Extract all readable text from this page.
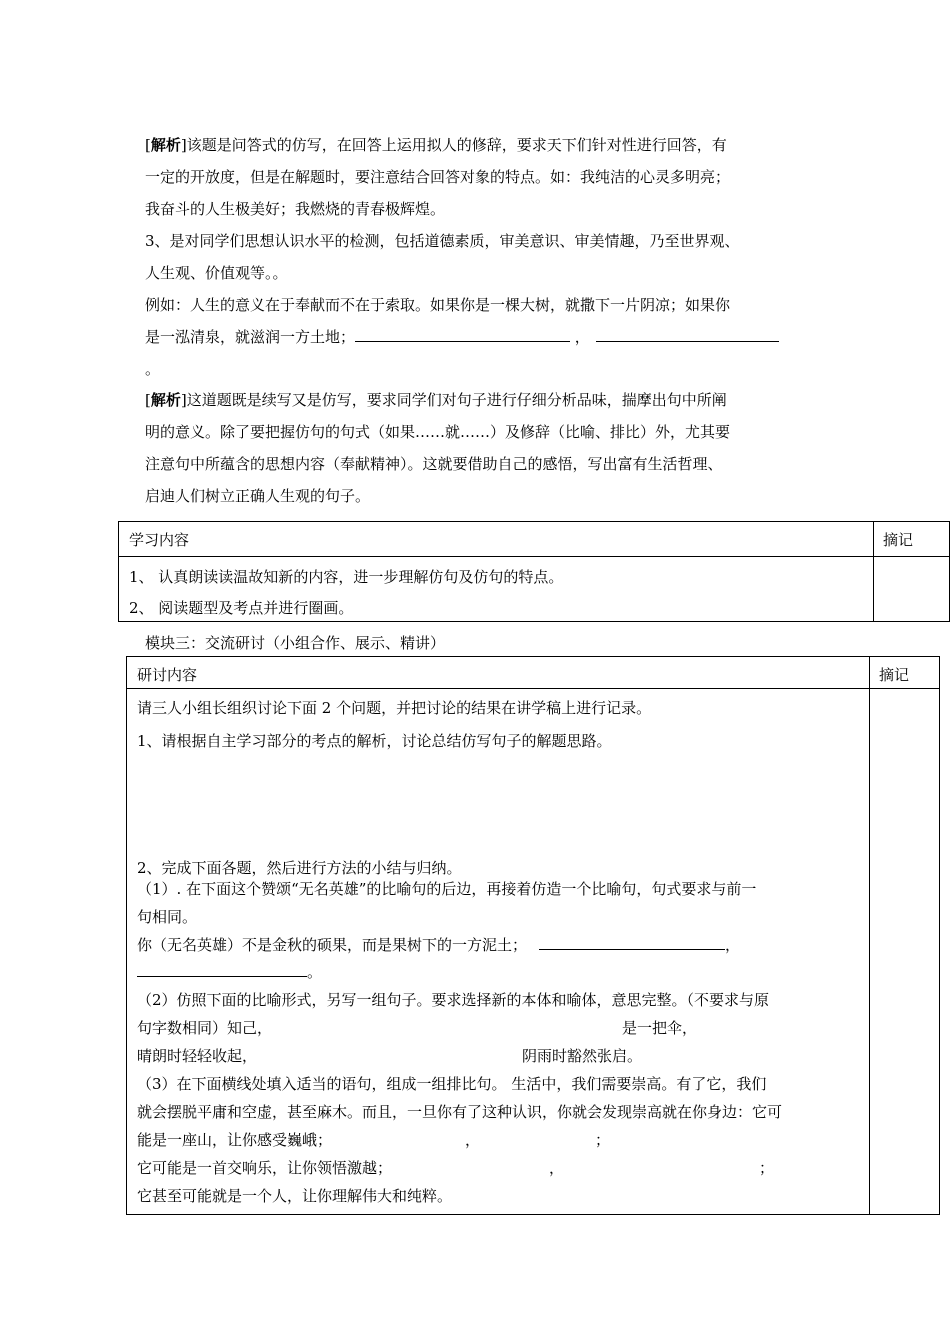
[解析]该题是问答式的仿写，在回答上运用拟人的修辞，要求天下们针对性进行回答，有
一定的开放度，但是在解题时，要注意结合回答对象的特点。如：我纯洁的心灵多明亮；
我奋斗的人生极美好；我燃烧的青春极辉煌。
3、是对同学们思想认识水平的检测，包括道德素质，审美意识、审美情趣，乃至世界观、
人生观、价值观等。。
例如：人生的意义在于奉献而不在于索取。如果你是一棵大树，就撒下一片阴凉；如果你
是一泓清泉，就滋润一方土地；	，
。
[解析]这道题既是续写又是仿写，要求同学们对句子进行仔细分析品味，揣摩出句中所阐
明的意义。除了要把握仿句的句式（如果……就……）及修辞（比喻、排比）外，尤其要
注意句中所蕴含的思想内容（奉献精神）。这就要借助自己的感悟，写出富有生活哲理、
启迪人们树立正确人生观的句子。
学习内容	摘记
1、 认真朗读读温故知新的内容，进一步理解仿句及仿句的特点。
2、 阅读题型及考点并进行圈画。
模块三：交流研讨（小组合作、展示、精讲）
研讨内容	摘记
请三人小组长组织讨论下面 2 个问题，并把讨论的结果在讲学稿上进行记录。
1、请根据自主学习部分的考点的解析，讨论总结仿写句子的解题思路。
2、完成下面各题，然后进行方法的小结与归纳。
（1）. 在下面这个赞颂“无名英雄”的比喻句的后边，再接着仿造一个比喻句，句式要求与前一
句相同。
你（无名英雄）不是金秋的硕果，而是果树下的一方泥土；	，
。
（2）仿照下面的比喻形式，另写一组句子。要求选择新的本体和喻体，意思完整。（不要求与原
句字数相同）知己，	是一把伞，
晴朗时轻轻收起，	阴雨时豁然张启。
（3）在下面横线处填入适当的语句，组成一组排比句。 生活中，我们需要崇高。有了它，我们
就会摆脱平庸和空虚，甚至麻木。而且，一旦你有了这种认识，你就会发现崇高就在你身边：它可
能是一座山，让你感受巍峨；	，	；
它可能是一首交响乐，让你领悟激越；	，	；
它甚至可能就是一个人，让你理解伟大和纯粹。
